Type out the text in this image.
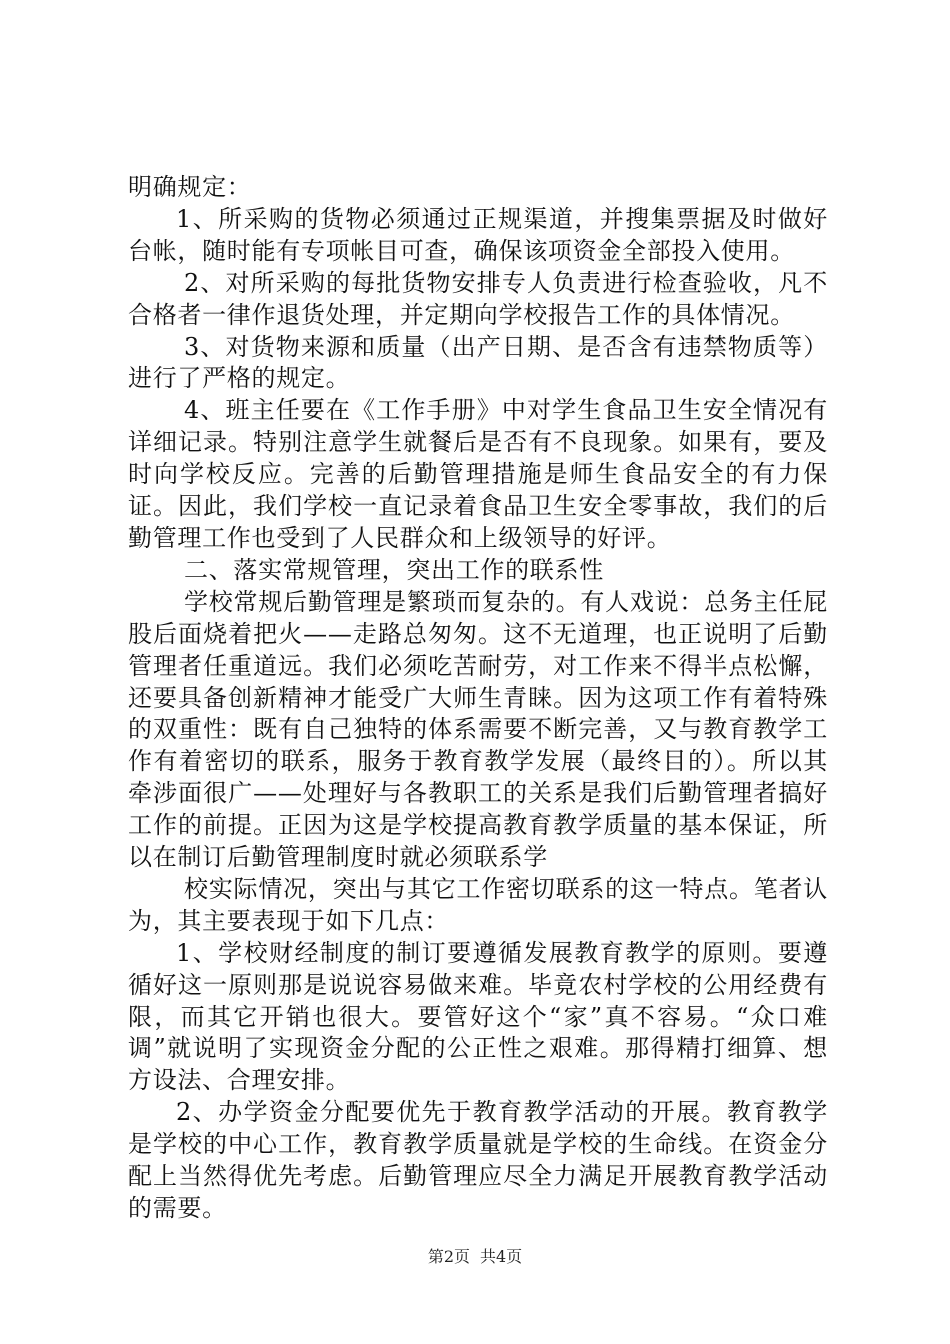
明确规定：

1、所采购的货物必须通过正规渠道，并搜集票据及时做好台帐，随时能有专项帐目可查，确保该项资金全部投入使用。

2、对所采购的每批货物安排专人负责进行检查验收，凡不合格者一律作退货处理，并定期向学校报告工作的具体情况。

3、对货物来源和质量（出产日期、是否含有违禁物质等）进行了严格的规定。

4、班主任要在《工作手册》中对学生食品卫生安全情况有详细记录。特别注意学生就餐后是否有不良现象。如果有，要及时向学校反应。完善的后勤管理措施是师生食品安全的有力保证。因此，我们学校一直记录着食品卫生安全零事故，我们的后勤管理工作也受到了人民群众和上级领导的好评。

二、落实常规管理，突出工作的联系性

学校常规后勤管理是繁琐而复杂的。有人戏说：总务主任屁股后面烧着把火——走路总匆匆。这不无道理，也正说明了后勤管理者任重道远。我们必须吃苦耐劳，对工作来不得半点松懈，还要具备创新精神才能受广大师生青睐。因为这项工作有着特殊的双重性：既有自己独特的体系需要不断完善，又与教育教学工作有着密切的联系，服务于教育教学发展（最终目的）。所以其牵涉面很广——处理好与各教职工的关系是我们后勤管理者搞好工作的前提。正因为这是学校提高教育教学质量的基本保证，所以在制订后勤管理制度时就必须联系学

校实际情况，突出与其它工作密切联系的这一特点。笔者认为，其主要表现于如下几点：

1、学校财经制度的制订要遵循发展教育教学的原则。要遵循好这一原则那是说说容易做来难。毕竟农村学校的公用经费有限，而其它开销也很大。要管好这个“家”真不容易。“众口难调”就说明了实现资金分配的公正性之艰难。那得精打细算、想方设法、合理安排。

2、办学资金分配要优先于教育教学活动的开展。教育教学是学校的中心工作，教育教学质量就是学校的生命线。在资金分配上当然得优先考虑。后勤管理应尽全力满足开展教育教学活动的需要。

第2页 共4页
